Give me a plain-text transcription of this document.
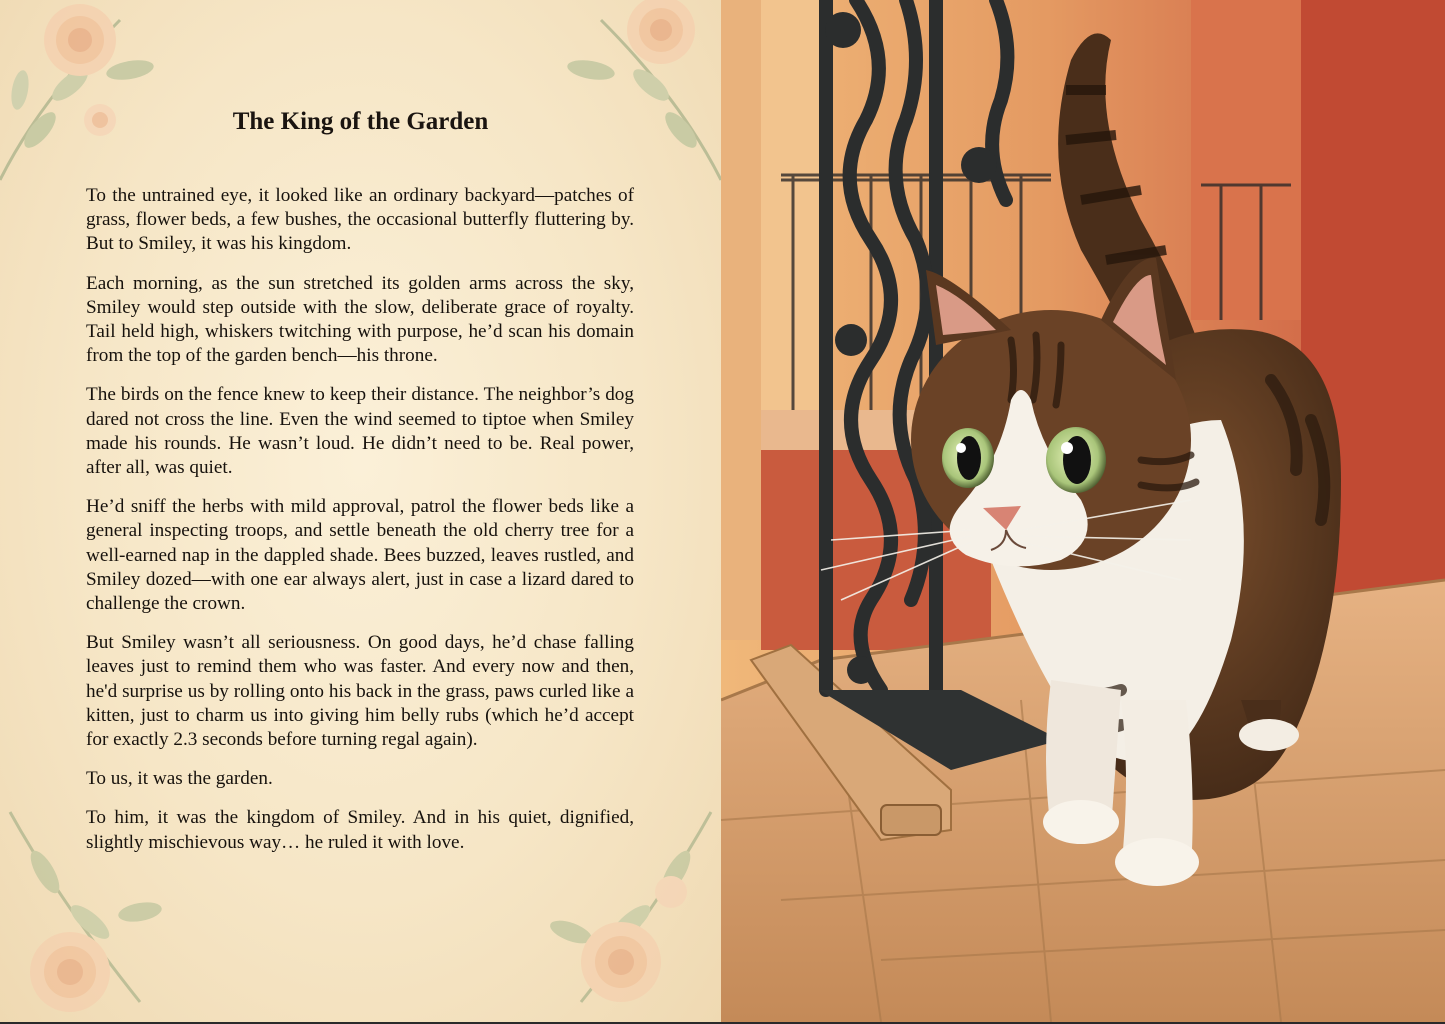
The King of the Garden

To the untrained eye, it looked like an ordinary backyard—patches of grass, flower beds, a few bushes, the occasional butterfly fluttering by. But to Smiley, it was his kingdom.

Each morning, as the sun stretched its golden arms across the sky, Smiley would step outside with the slow, deliberate grace of royalty. Tail held high, whiskers twitching with purpose, he’d scan his domain from the top of the garden bench—his throne.

The birds on the fence knew to keep their distance. The neighbor’s dog dared not cross the line. Even the wind seemed to tiptoe when Smiley made his rounds. He wasn’t loud. He didn’t need to be. Real power, after all, was quiet.

He’d sniff the herbs with mild approval, patrol the flower beds like a general inspecting troops, and settle beneath the old cherry tree for a well-earned nap in the dappled shade. Bees buzzed, leaves rustled, and Smiley dozed—with one ear always alert, just in case a lizard dared to challenge the crown.

But Smiley wasn’t all seriousness. On good days, he’d chase falling leaves just to remind them who was faster. And every now and then, he'd surprise us by rolling onto his back in the grass, paws curled like a kitten, just to charm us into giving him belly rubs (which he’d accept for exactly 2.3 seconds before turning regal again).

To us, it was the garden.

To him, it was the kingdom of Smiley. And in his quiet, dignified, slightly mischievous way… he ruled it with love.
